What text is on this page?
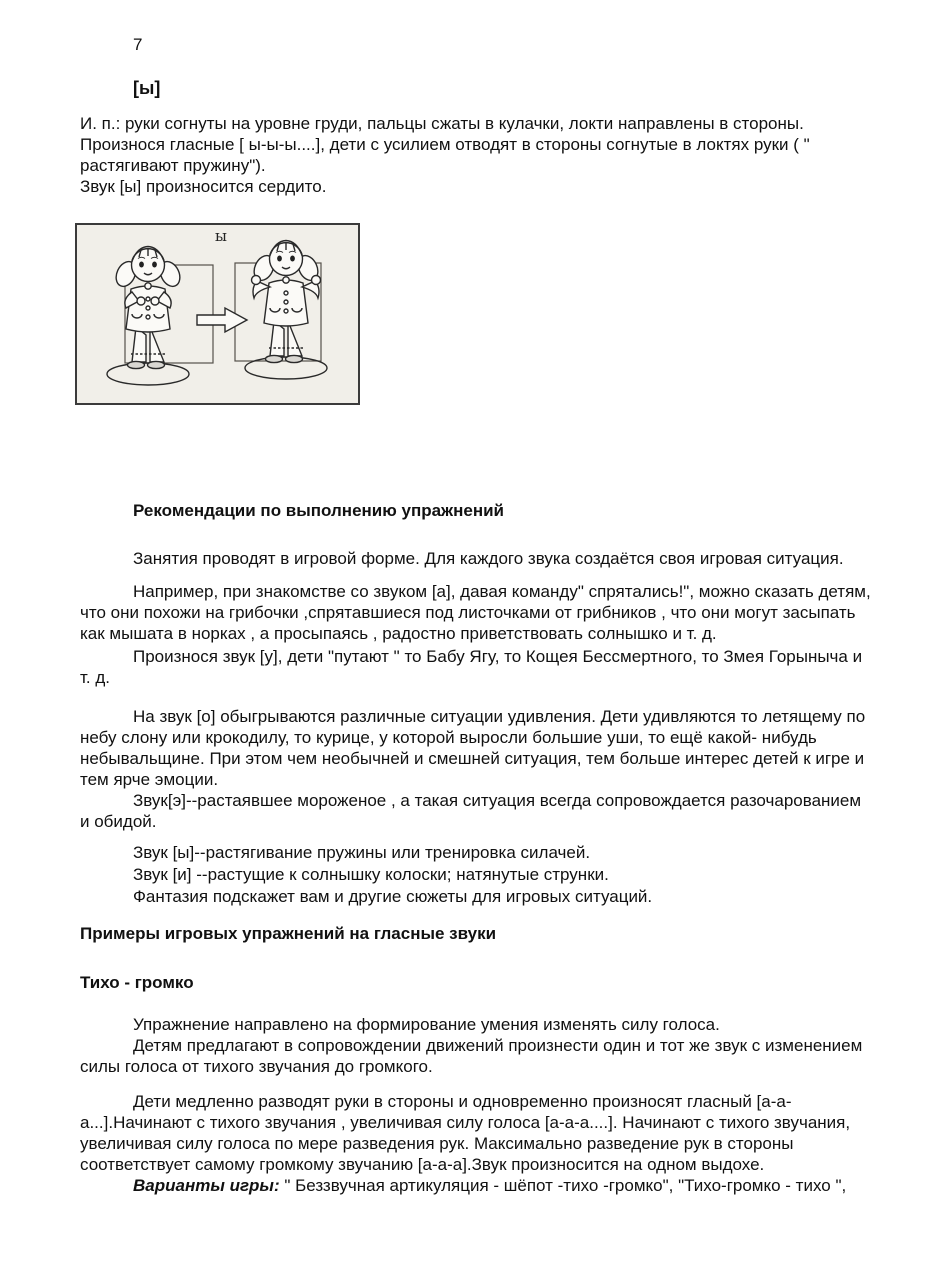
7
[ы]
И. п.: руки согнуты на уровне груди, пальцы сжаты в кулачки, локти направлены в стороны. Произнося гласные [ ы-ы-ы....], дети с усилием отводят в стороны согнутые в локтях руки ( " растягивают пружину").
Звук [ы] произносится сердито.
ы
Рекомендации по выполнению упражнений

Занятия проводят в игровой форме. Для каждого звука создаётся своя игровая ситуация.

Например, при знакомстве со звуком [а], давая команду" спрятались!", можно сказать детям, что они похожи на грибочки ,спрятавшиеся под листочками от грибников , что они могут засыпать как мышата в норках , а просыпаясь , радостно приветствовать солнышко и т. д.

Произнося звук [у], дети "путают " то Бабу Ягу, то Кощея Бессмертного, то Змея Горыныча и т. д.

На звук [о] обыгрываются различные ситуации удивления. Дети удивляются то летящему по небу слону или крокодилу, то курице, у которой выросли большие уши, то ещё какой- нибудь небывальщине. При этом чем необычней и смешней ситуация, тем больше интерес детей к игре и тем ярче эмоции.

Звук[э]--растаявшее мороженое , а такая ситуация всегда сопровождается разочарованием и обидой.

Звук [ы]--растягивание пружины или тренировка силачей.
Звук [и] --растущие к солнышку колоски; натянутые струнки.
Фантазия подскажет вам и другие сюжеты для игровых ситуаций.
Примеры игровых упражнений на гласные звуки
Тихо - громко
Упражнение направлено на формирование умения изменять силу голоса.
Детям предлагают в сопровождении движений произнести один и тот же звук с изменением силы голоса от тихого звучания до громкого.

Дети медленно разводят руки в стороны и одновременно произносят гласный [а-а-а...].Начинают с тихого звучания , увеличивая силу голоса [а-а-а....]. Начинают с тихого звучания, увеличивая силу голоса по мере разведения рук. Максимально разведение рук в стороны соответствует самому громкому звучанию [а-а-а].Звук произносится на одном выдохе.

Варианты игры: " Беззвучная артикуляция - шёпот -тихо -громко", "Тихо-громко - тихо ",
